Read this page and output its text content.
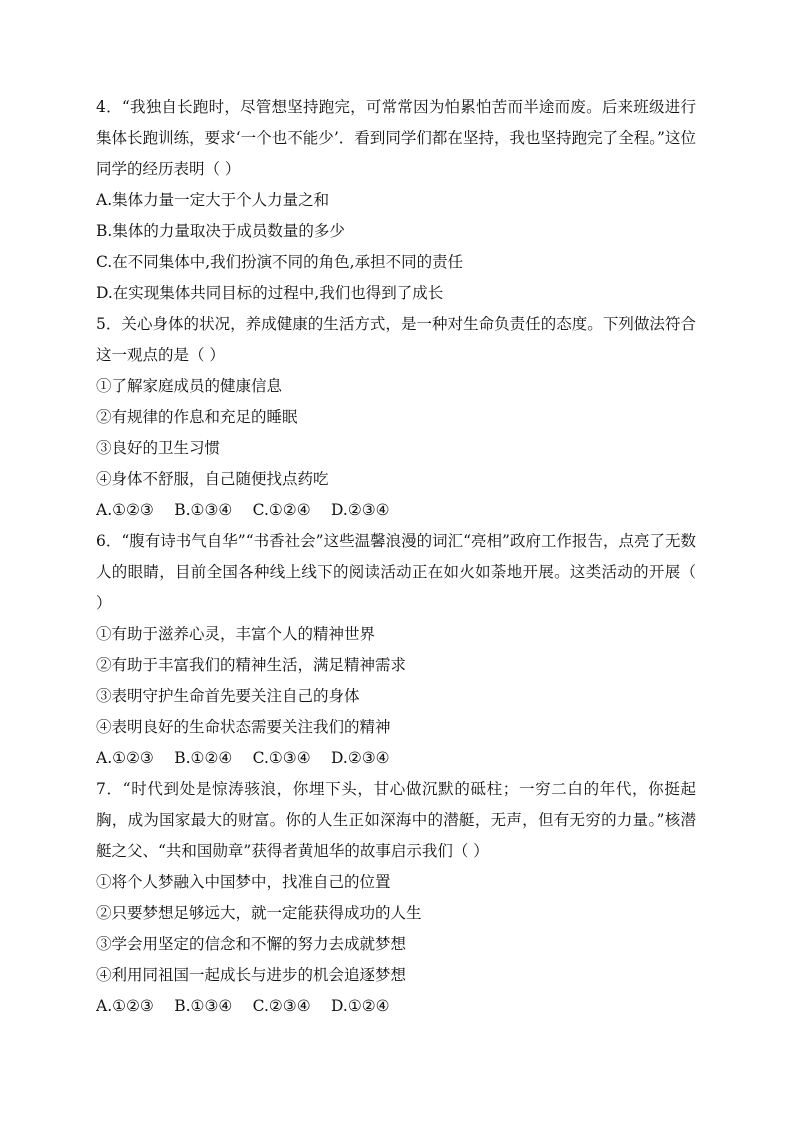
4．“我独自长跑时，尽管想坚持跑完，可常常因为怕累怕苦而半途而废。后来班级进行集体长跑训练，要求‘一个也不能少’．看到同学们都在坚持，我也坚持跑完了全程。”这位同学的经历表明（ ）
A.集体力量一定大于个人力量之和
B.集体的力量取决于成员数量的多少
C.在不同集体中,我们扮演不同的角色,承担不同的责任
D.在实现集体共同目标的过程中,我们也得到了成长
5．关心身体的状况，养成健康的生活方式，是一种对生命负责任的态度。下列做法符合这一观点的是（ ）
①了解家庭成员的健康信息
②有规律的作息和充足的睡眠
③良好的卫生习惯
④身体不舒服，自己随便找点药吃
A.①②③　 B.①③④　 C.①②④　 D.②③④
6．“腹有诗书气自华”“书香社会”这些温馨浪漫的词汇“亮相”政府工作报告，点亮了无数人的眼睛，目前全国各种线上线下的阅读活动正在如火如荼地开展。这类活动的开展（ ）
①有助于滋养心灵，丰富个人的精神世界
②有助于丰富我们的精神生活，满足精神需求
③表明守护生命首先要关注自己的身体
④表明良好的生命状态需要关注我们的精神
A.①②③　 B.①②④　 C.①③④　 D.②③④
7．“时代到处是惊涛骇浪，你埋下头，甘心做沉默的砥柱；一穷二白的年代，你挺起胸，成为国家最大的财富。你的人生正如深海中的潜艇，无声，但有无穷的力量。”核潜艇之父、“共和国勋章”获得者黄旭华的故事启示我们（ ）
①将个人梦融入中国梦中，找准自己的位置
②只要梦想足够远大，就一定能获得成功的人生
③学会用坚定的信念和不懈的努力去成就梦想
④利用同祖国一起成长与进步的机会追逐梦想
A.①②③　 B.①③④　 C.②③④　 D.①②④
